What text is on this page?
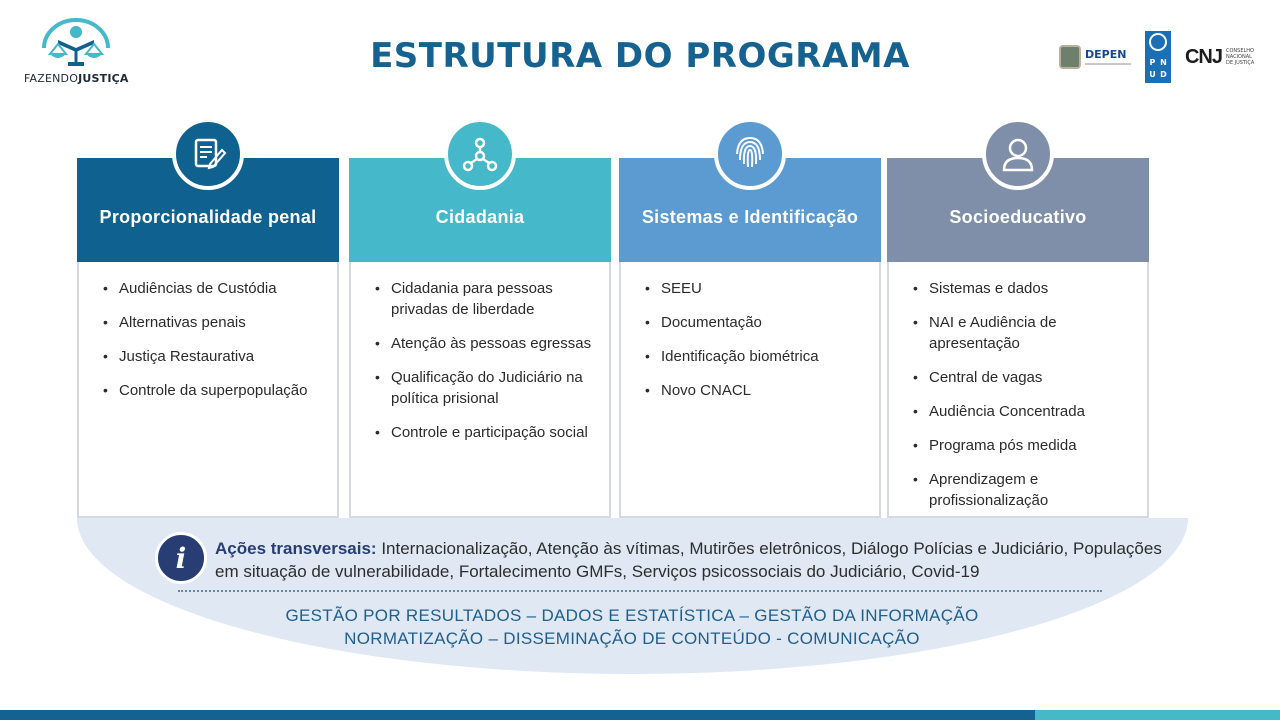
FAZENDOJUSTIÇA
ESTRUTURA DO PROGRAMA	DEPEN
P N
U D
CNJ CONSELHO NACIONAL DE JUSTIÇA
Proporcionalidade penal
• Audiências de Custódia
• Alternativas penais
• Justiça Restaurativa
• Controle da superpopulação
Cidadania
• Cidadania para pessoas privadas de liberdade
• Atenção às pessoas egressas
• Qualificação do Judiciário na política prisional
• Controle e participação social
Sistemas e Identificação
• SEEU
• Documentação
• Identificação biométrica
• Novo CNACL
Socioeducativo
• Sistemas e dados
• NAI e Audiência de apresentação
• Central de vagas
• Audiência Concentrada
• Programa pós medida
• Aprendizagem e profissionalização
i	Ações transversais: Internacionalização, Atenção às vítimas, Mutirões eletrônicos, Diálogo Polícias e Judiciário, Populações em situação de vulnerabilidade, Fortalecimento GMFs, Serviços psicossociais do Judiciário, Covid-19
GESTÃO POR RESULTADOS – DADOS E ESTATÍSTICA – GESTÃO DA INFORMAÇÃO
NORMATIZAÇÃO – DISSEMINAÇÃO DE CONTEÚDO - COMUNICAÇÃO
